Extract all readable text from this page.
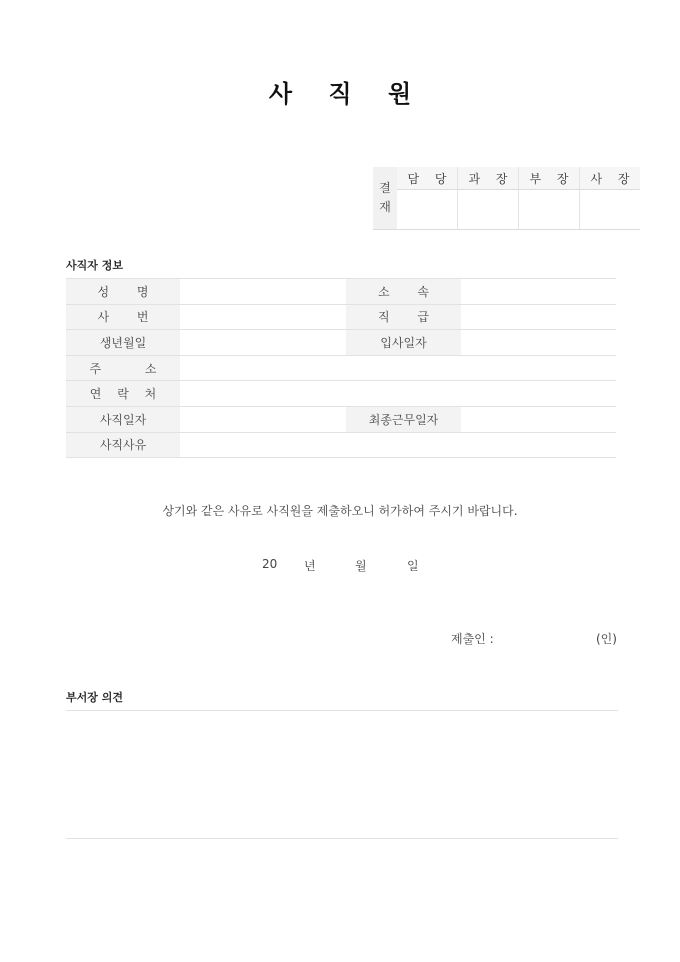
사 직 원
결
재	담 당	과 장	부 장	사 장

사직자 정보
성 명		소 속	
사 번		직 급	
생년월일		입사일자	
주 소			
연 락 처			
사직일자		최종근무일자	
사직사유			
상기와 같은 사유로 사직원을 제출하오니 허가하여 주시기 바랍니다.
20 년	월	일
제출인 :	(인)
부서장 의견
